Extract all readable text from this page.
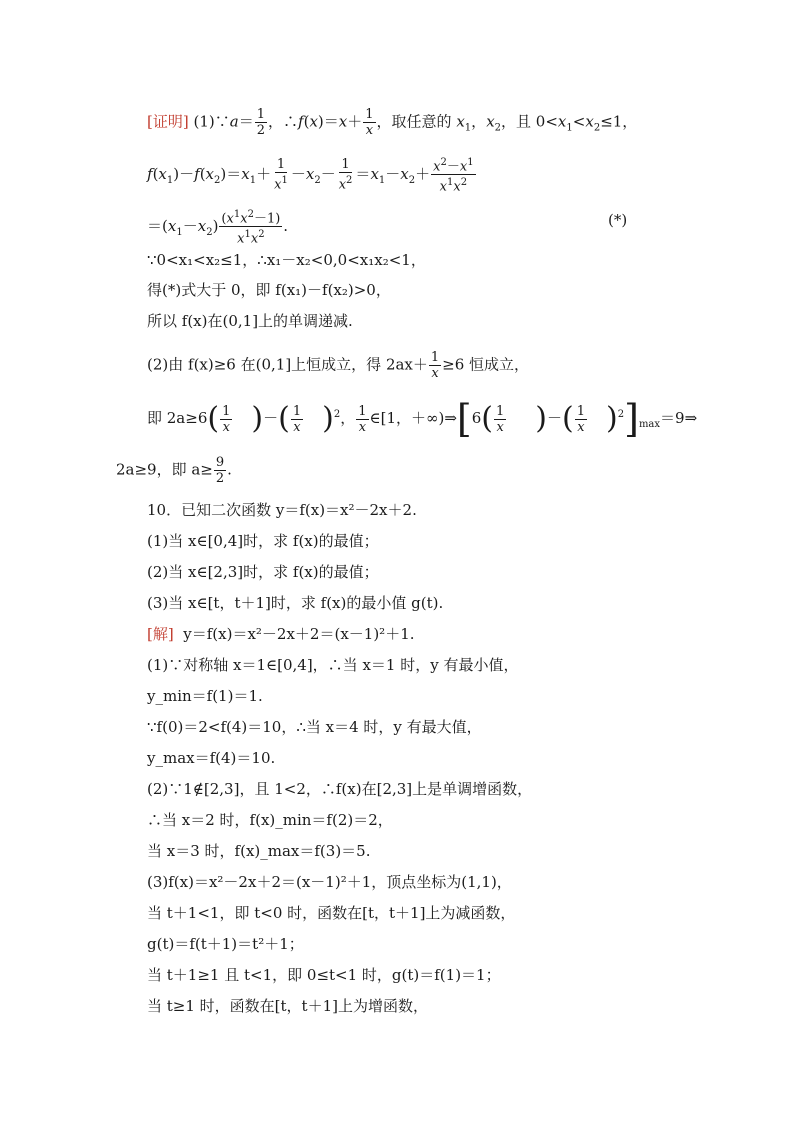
[证明] (1)∵a＝ $\frac{1}{2}$ ，∴f(x)＝x＋ $\frac{1}{x}$ ，取任意的 $x_1$，$x_2$，且 $0<x_1<x_2\le 1$，
$f(x_1)-f(x_2)=x_1+ \frac{1}{x^1} -x_2- \frac{1}{x^2} =x_1-x_2+ \frac{x^2-x^1}{x^1x^2}$
$=(x_1-x_2) \frac{(x^1x^2-1)}{x^1x^2}$ .	(*)
∵0<x₁<x₂≤1，∴x₁－x₂<0,0<x₁x₂<1，
得(*)式大于 0，即 f(x₁)－f(x₂)>0，
所以 f(x)在(0,1]上的单调递减.
(2)由 f(x)≥6 在(0,1]上恒成立，得 $2ax+ \frac{1}{x} \ge 6$ 恒成立，
即 $2a\ge 6( \frac{1}{x}$ )－( $\frac{1}{x} )^2$， $\frac{1}{x}$ ∈[1，＋∞)⇒[6( $\frac{1}{x}$ )－( $\frac{1}{x}$ )$^2]_{max}=9\Rightarrow$
2a≥9，即 $a\ge \frac{9}{2}$ .
10．已知二次函数 y＝f(x)＝x²－2x＋2.
(1)当 x∈[0,4]时，求 f(x)的最值；
(2)当 x∈[2,3]时，求 f(x)的最值；
(3)当 x∈[t，t＋1]时，求 f(x)的最小值 g(t).
[解] y＝f(x)＝x²－2x＋2＝(x－1)²＋1.
(1)∵对称轴 x＝1∈[0,4]，∴当 x＝1 时，y 有最小值，
y_min＝f(1)＝1.
∵f(0)＝2<f(4)＝10，∴当 x＝4 时，y 有最大值，
y_max＝f(4)＝10.
(2)∵1∉[2,3]，且 1<2，∴f(x)在[2,3]上是单调增函数，
∴当 x＝2 时，f(x)_min＝f(2)＝2，
当 x＝3 时，f(x)_max＝f(3)＝5.
(3)f(x)＝x²－2x＋2＝(x－1)²＋1，顶点坐标为(1,1)，
当 t＋1<1，即 t<0 时，函数在[t，t＋1]上为减函数，
g(t)＝f(t＋1)＝t²＋1；
当 t＋1≥1 且 t<1，即 0≤t<1 时，g(t)＝f(1)＝1；
当 t≥1 时，函数在[t，t＋1]上为增函数，
